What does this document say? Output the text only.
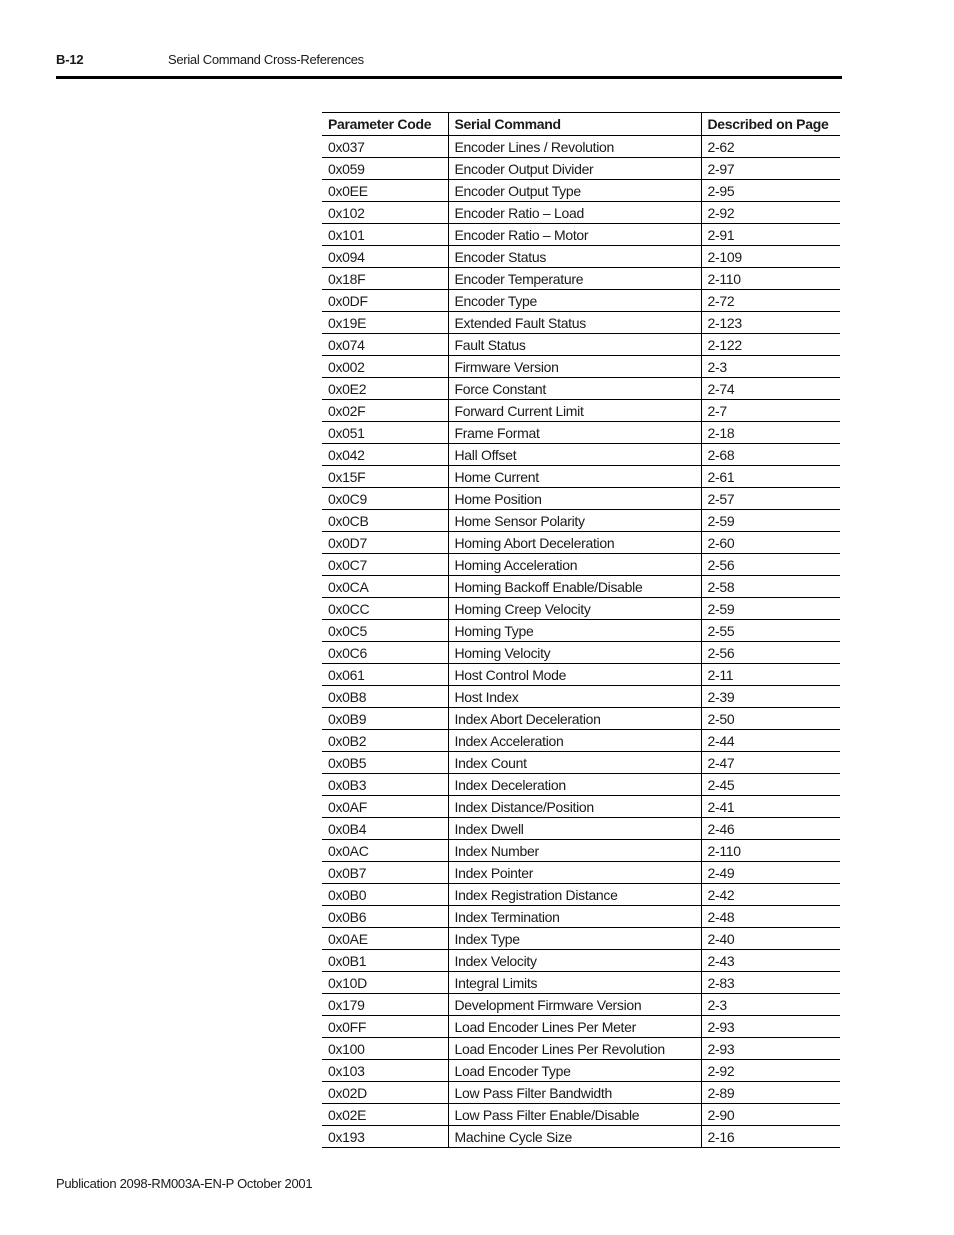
B-12	Serial Command Cross-References
Parameter Code	Serial Command	Described on Page
0x037	Encoder Lines / Revolution	2-62
0x059	Encoder Output Divider	2-97
0x0EE	Encoder Output Type	2-95
0x102	Encoder Ratio – Load	2-92
0x101	Encoder Ratio – Motor	2-91
0x094	Encoder Status	2-109
0x18F	Encoder Temperature	2-110
0x0DF	Encoder Type	2-72
0x19E	Extended Fault Status	2-123
0x074	Fault Status	2-122
0x002	Firmware Version	2-3
0x0E2	Force Constant	2-74
0x02F	Forward Current Limit	2-7
0x051	Frame Format	2-18
0x042	Hall Offset	2-68
0x15F	Home Current	2-61
0x0C9	Home Position	2-57
0x0CB	Home Sensor Polarity	2-59
0x0D7	Homing Abort Deceleration	2-60
0x0C7	Homing Acceleration	2-56
0x0CA	Homing Backoff Enable/Disable	2-58
0x0CC	Homing Creep Velocity	2-59
0x0C5	Homing Type	2-55
0x0C6	Homing Velocity	2-56
0x061	Host Control Mode	2-11
0x0B8	Host Index	2-39
0x0B9	Index Abort Deceleration	2-50
0x0B2	Index Acceleration	2-44
0x0B5	Index Count	2-47
0x0B3	Index Deceleration	2-45
0x0AF	Index Distance/Position	2-41
0x0B4	Index Dwell	2-46
0x0AC	Index Number	2-110
0x0B7	Index Pointer	2-49
0x0B0	Index Registration Distance	2-42
0x0B6	Index Termination	2-48
0x0AE	Index Type	2-40
0x0B1	Index Velocity	2-43
0x10D	Integral Limits	2-83
0x179	Development Firmware Version	2-3
0x0FF	Load Encoder Lines Per Meter	2-93
0x100	Load Encoder Lines Per Revolution	2-93
0x103	Load Encoder Type	2-92
0x02D	Low Pass Filter Bandwidth	2-89
0x02E	Low Pass Filter Enable/Disable	2-90
0x193	Machine Cycle Size	2-16
Publication 2098-RM003A-EN-P October 2001
